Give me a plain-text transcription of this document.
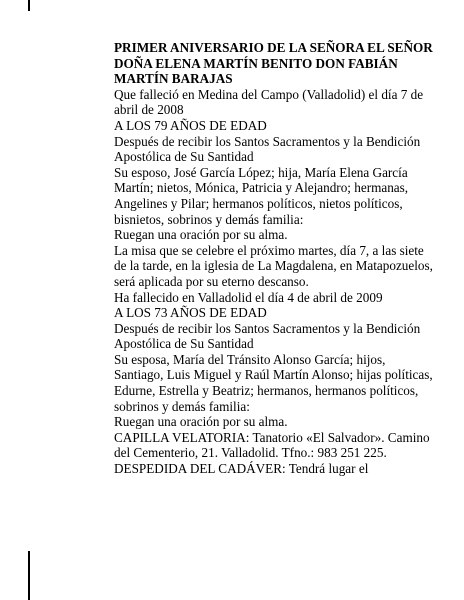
PRIMER ANIVERSARIO DE LA SEÑORA EL SEÑOR

DOÑA ELENA MARTÍN BENITO DON FABIÁN MARTÍN BARAJAS

Que falleció en Medina del Campo (Valladolid) el día 7 de abril de 2008

A LOS 79 AÑOS DE EDAD

Después de recibir los Santos Sacramentos y la Bendición Apostólica de Su Santidad

Su esposo, José García López; hija, María Elena García Martín; nietos, Mónica, Patricia y Alejandro; hermanas, Angelines y Pilar; hermanos políticos, nietos políticos, bisnietos, sobrinos y demás familia:

Ruegan una oración por su alma.

La misa que se celebre el próximo martes, día 7, a las siete de la tarde, en la iglesia de La Magdalena, en Matapozuelos, será aplicada por su eterno descanso.

Ha fallecido en Valladolid el día 4 de abril de 2009

A LOS 73 AÑOS DE EDAD

Después de recibir los Santos Sacramentos y la Bendición Apostólica de Su Santidad

Su esposa, María del Tránsito Alonso García; hijos, Santiago, Luis Miguel y Raúl Martín Alonso; hijas políticas, Edurne, Estrella y Beatriz; hermanos, hermanos políticos, sobrinos y demás familia:

Ruegan una oración por su alma.

CAPILLA VELATORIA: Tanatorio «El Salvador». Camino del Cementerio, 21. Valladolid. Tfno.: 983 251 225.

DESPEDIDA DEL CADÁVER: Tendrá lugar el
